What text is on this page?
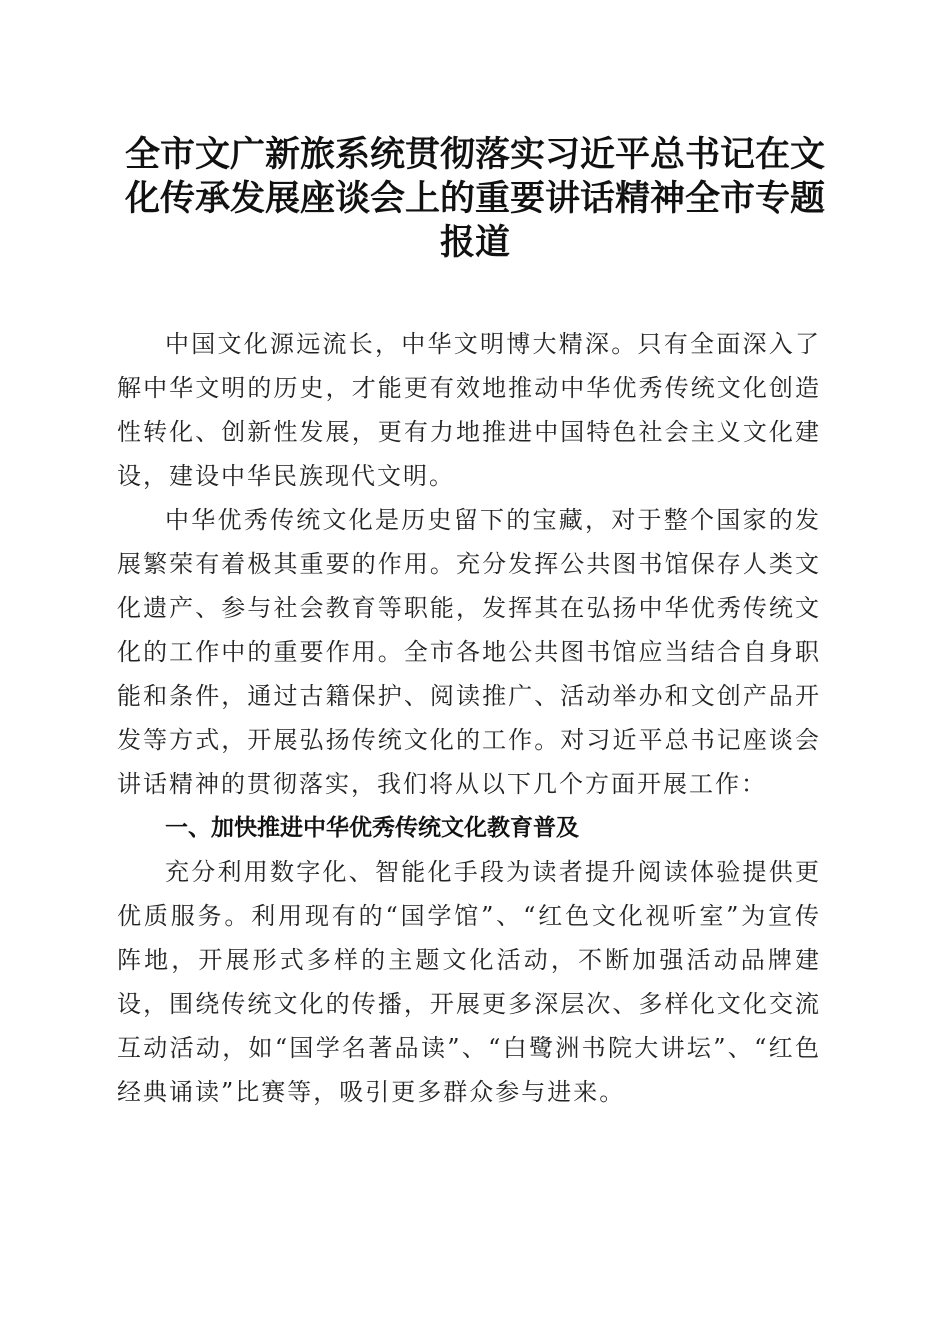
全市文广新旅系统贯彻落实习近平总书记在文化传承发展座谈会上的重要讲话精神全市专题报道

中国文化源远流长，中华文明博大精深。只有全面深入了解中华文明的历史，才能更有效地推动中华优秀传统文化创造性转化、创新性发展，更有力地推进中国特色社会主义文化建设，建设中华民族现代文明。

中华优秀传统文化是历史留下的宝藏，对于整个国家的发展繁荣有着极其重要的作用。充分发挥公共图书馆保存人类文化遗产、参与社会教育等职能，发挥其在弘扬中华优秀传统文化的工作中的重要作用。全市各地公共图书馆应当结合自身职能和条件，通过古籍保护、阅读推广、活动举办和文创产品开发等方式，开展弘扬传统文化的工作。对习近平总书记座谈会讲话精神的贯彻落实，我们将从以下几个方面开展工作：

一、加快推进中华优秀传统文化教育普及

充分利用数字化、智能化手段为读者提升阅读体验提供更优质服务。利用现有的“国学馆”、“红色文化视听室”为宣传阵地，开展形式多样的主题文化活动，不断加强活动品牌建设，围绕传统文化的传播，开展更多深层次、多样化文化交流互动活动，如“国学名著品读”、“白鹭洲书院大讲坛”、“红色经典诵读”比赛等，吸引更多群众参与进来。
